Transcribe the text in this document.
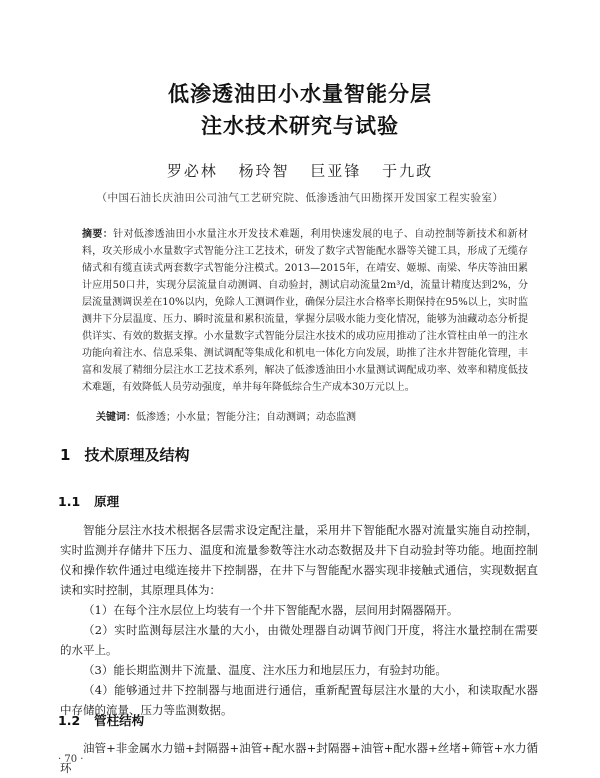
低渗透油田小水量智能分层
注水技术研究与试验
罗必林 杨玲智 巨亚锋 于九政
（中国石油长庆油田公司油气工艺研究院、低渗透油气田勘探开发国家工程实验室）
摘要：针对低渗透油田小水量注水开发技术难题，利用快速发展的电子、自动控制等新技术和新材料，攻关形成小水量数字式智能分注工艺技术，研发了数字式智能配水器等关键工具，形成了无缆存储式和有缆直读式两套数字式智能分注模式。2013—2015年，在靖安、姬塬、南梁、华庆等油田累计应用50口井，实现分层流量自动测调、自动验封，测试启动流量2m³/d，流量计精度达到2%，分层流量测调误差在10%以内，免除人工测调作业，确保分层注水合格率长期保持在95%以上，实时监测井下分层温度、压力、瞬时流量和累积流量，掌握分层吸水能力变化情况，能够为油藏动态分析提供详实、有效的数据支撑。小水量数字式智能分层注水技术的成功应用推动了注水管柱由单一的注水功能向着注水、信息采集、测试调配等集成化和机电一体化方向发展，助推了注水井智能化管理，丰富和发展了精细分层注水工艺技术系列，解决了低渗透油田小水量测试调配成功率、效率和精度低技术难题，有效降低人员劳动强度，单井每年降低综合生产成本30万元以上。
关键词：低渗透；小水量；智能分注；自动测调；动态监测
1 技术原理及结构
1.1 原理

智能分层注水技术根据各层需求设定配注量，采用井下智能配水器对流量实施自动控制，实时监测并存储井下压力、温度和流量参数等注水动态数据及井下自动验封等功能。地面控制仪和操作软件通过电缆连接井下控制器，在井下与智能配水器实现非接触式通信，实现数据直读和实时控制，其原理具体为：

（1）在每个注水层位上均装有一个井下智能配水器，层间用封隔器隔开。

（2）实时监测每层注水量的大小，由微处理器自动调节阀门开度，将注水量控制在需要的水平上。

（3）能长期监测井下流量、温度、注水压力和地层压力，有验封功能。

（4）能够通过井下控制器与地面进行通信，重新配置每层注水量的大小，和读取配水器中存储的流量、压力等监测数据。

1.2 管柱结构

油管+非金属水力锚+封隔器+油管+配水器+封隔器+油管+配水器+丝堵+筛管+水力循环

· 70 ·
